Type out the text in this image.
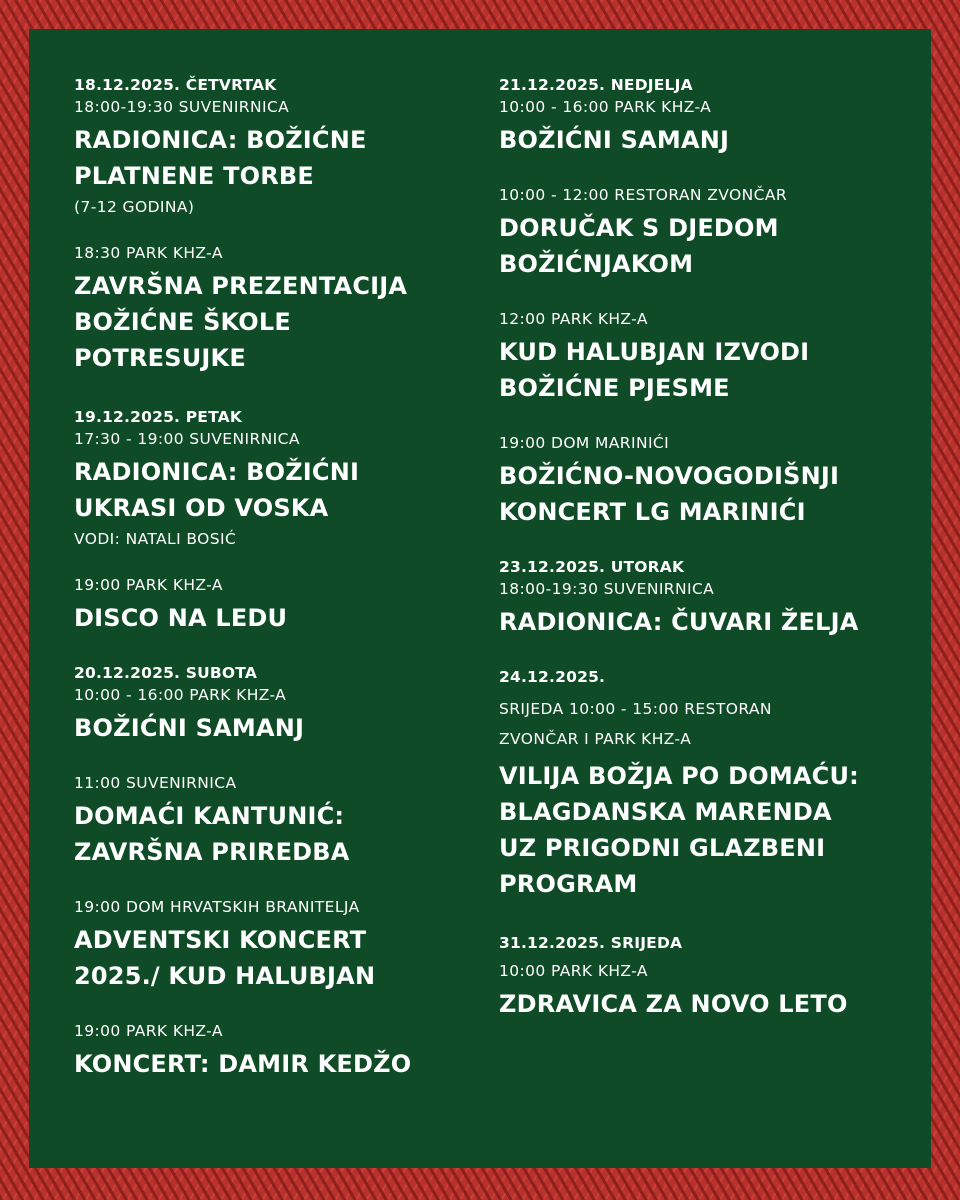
18.12.2025. ČETVRTAK

18:00-19:30 SUVENIRNICA

RADIONICA: BOŽIĆNE
PLATNENE TORBE

(7-12 GODINA)

18:30 PARK KHZ-A

ZAVRŠNA PREZENTACIJA
BOŽIĆNE ŠKOLE
POTRESUJKE

19.12.2025. PETAK

17:30 - 19:00 SUVENIRNICA

RADIONICA: BOŽIĆNI
UKRASI OD VOSKA

VODI: NATALI BOSIĆ

19:00 PARK KHZ-A

DISCO NA LEDU

20.12.2025. SUBOTA

10:00 - 16:00 PARK KHZ-A

BOŽIĆNI SAMANJ

11:00 SUVENIRNICA

DOMAĆI KANTUNIĆ:
ZAVRŠNA PRIREDBA

19:00 DOM HRVATSKIH BRANITELJA

ADVENTSKI KONCERT
2025./ KUD HALUBJAN

19:00 PARK KHZ-A

KONCERT: DAMIR KEDŽO

21.12.2025. NEDJELJA

10:00 - 16:00 PARK KHZ-A

BOŽIĆNI SAMANJ

10:00 - 12:00 RESTORAN ZVONČAR

DORUČAK S DJEDOM
BOŽIĆNJAKOM

12:00 PARK KHZ-A

KUD HALUBJAN IZVODI
BOŽIĆNE PJESME

19:00 DOM MARINIĆI

BOŽIĆNO-NOVOGODIŠNJI
KONCERT LG MARINIĆI

23.12.2025. UTORAK

18:00-19:30 SUVENIRNICA

RADIONICA: ČUVARI ŽELJA

24.12.2025.

SRIJEDA 10:00 - 15:00 RESTORAN
ZVONČAR I PARK KHZ-A

VILIJA BOŽJA PO DOMAĆU:
BLAGDANSKA MARENDA
UZ PRIGODNI GLAZBENI
PROGRAM

31.12.2025. SRIJEDA

10:00 PARK KHZ-A

ZDRAVICA ZA NOVO LETO
